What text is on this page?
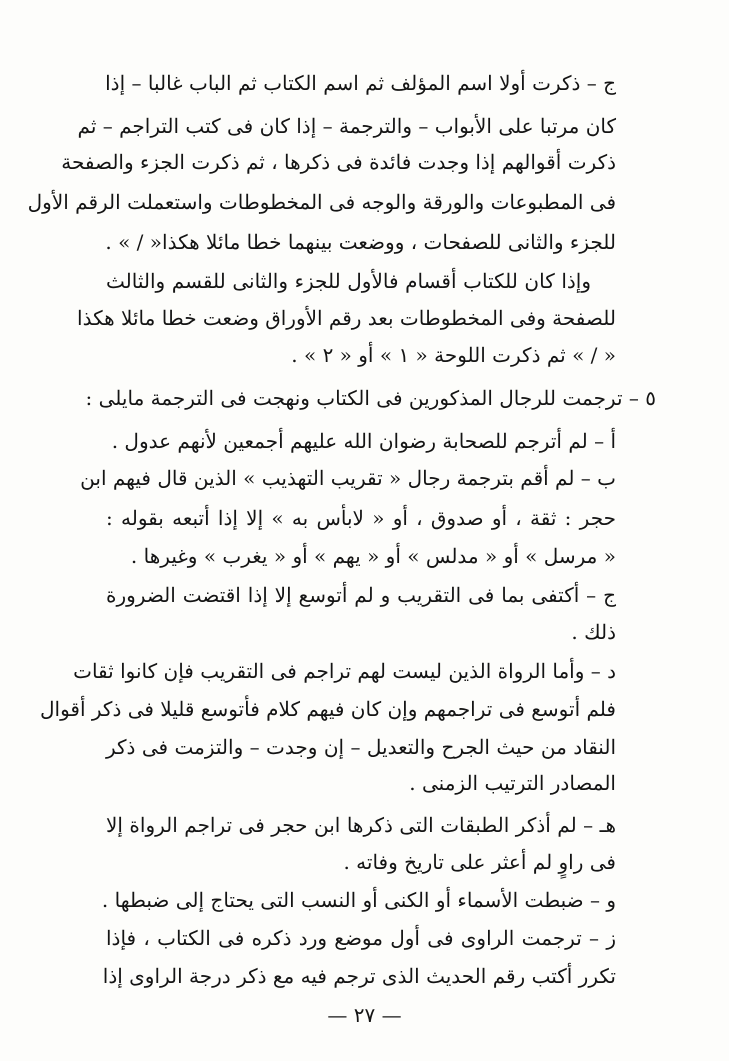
ج – ذكرت أولا اسم المؤلف ثم اسم الكتاب ثم الباب غالبا – إذا
كان مرتبا على الأبواب – والترجمة – إذا كان فى كتب التراجم – ثم
ذكرت أقوالهم إذا وجدت فائدة فى ذكرها ، ثم ذكرت الجزء والصفحة
فى المطبوعات والورقة والوجه فى المخطوطات واستعملت الرقم الأول
للجزء والثانى للصفحات ، ووضعت بينهما خطا مائلا هكذا« / » .
وإذا كان للكتاب أقسام فالأول للجزء والثانى للقسم والثالث
للصفحة وفى المخطوطات بعد رقم الأوراق وضعت خطا مائلا هكذا
« / » ثم ذكرت اللوحة « ١ » أو « ٢ » .
٥ – ترجمت للرجال المذكورين فى الكتاب ونهجت فى الترجمة مايلى :
أ – لم أترجم للصحابة رضوان الله عليهم أجمعين لأنهم عدول .
ب – لم أقم بترجمة رجال « تقريب التهذيب » الذين قال فيهم ابن
حجر : ثقة ، أو صدوق ، أو « لابأس به » إلا إذا أتبعه بقوله :
« مرسل » أو « مدلس » أو « يهم » أو « يغرب » وغيرها .
ج – أكتفى بما فى التقريب و لم أتوسع إلا إذا اقتضت الضرورة
ذلك .
د – وأما الرواة الذين ليست لهم تراجم فى التقريب فإن كانوا ثقات
فلم أتوسع فى تراجمهم وإن كان فيهم كلام فأتوسع قليلا فى ذكر أقوال
النقاد من حيث الجرح والتعديل – إن وجدت – والتزمت فى ذكر
المصادر الترتيب الزمنى .
هـ – لم أذكر الطبقات التى ذكرها ابن حجر فى تراجم الرواة إلا
فى راوٍ لم أعثر على تاريخ وفاته .
و – ضبطت الأسماء أو الكنى أو النسب التى يحتاج إلى ضبطها .
ز – ترجمت الراوى فى أول موضع ورد ذكره فى الكتاب ، فإذا
تكرر أكتب رقم الحديث الذى ترجم فيه مع ذكر درجة الراوى إذا
— ٢٧ —
